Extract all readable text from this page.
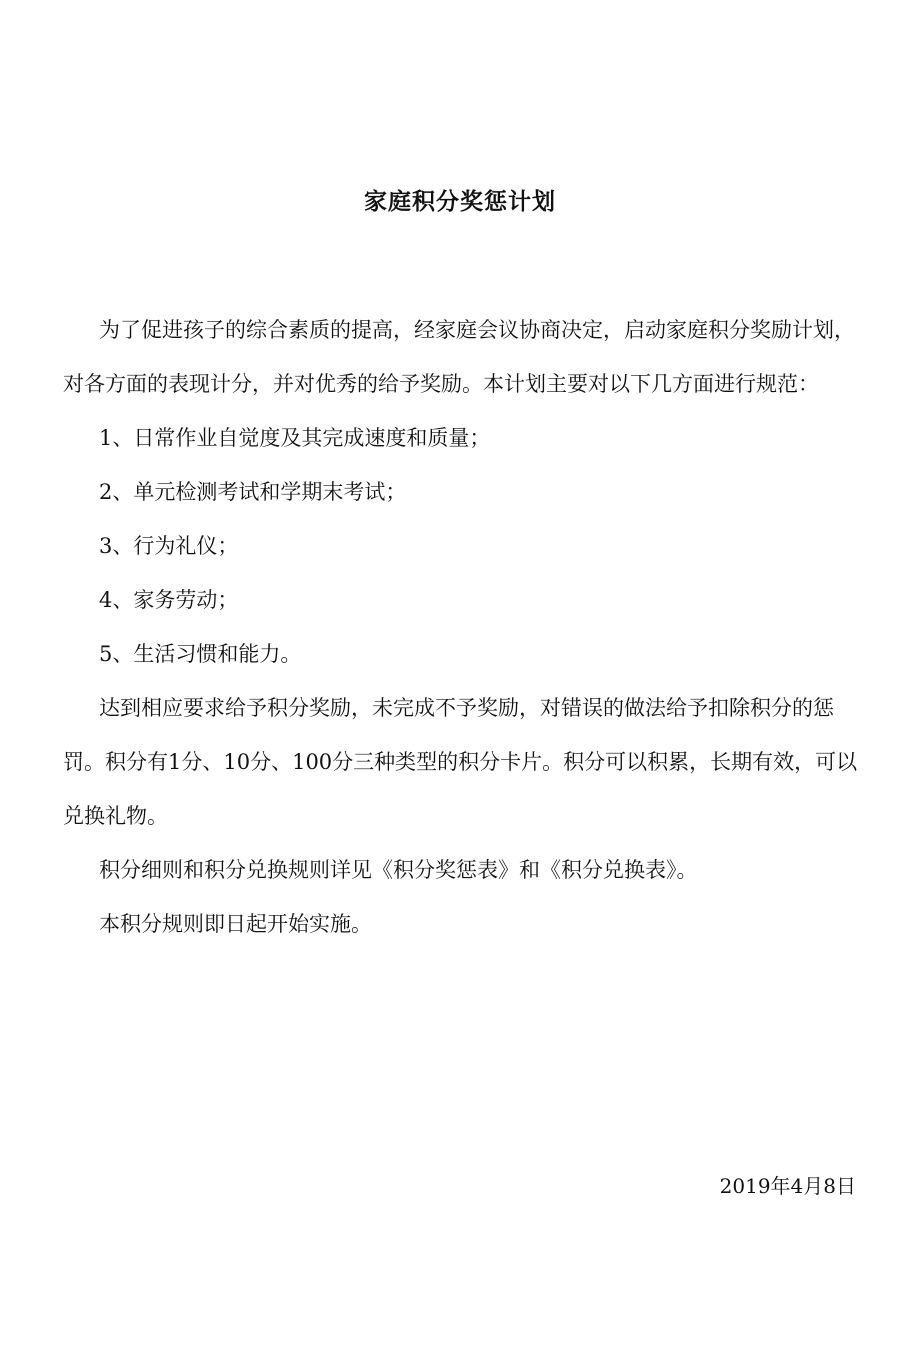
家庭积分奖惩计划

为了促进孩子的综合素质的提高，经家庭会议协商决定，启动家庭积分奖励计划，对各方面的表现计分，并对优秀的给予奖励。本计划主要对以下几方面进行规范：

1、日常作业自觉度及其完成速度和质量；

2、单元检测考试和学期末考试；

3、行为礼仪；

4、家务劳动；

5、生活习惯和能力。

达到相应要求给予积分奖励，未完成不予奖励，对错误的做法给予扣除积分的惩罚。积分有1分、10分、100分三种类型的积分卡片。积分可以积累，长期有效，可以兑换礼物。

积分细则和积分兑换规则详见《积分奖惩表》和《积分兑换表》。

本积分规则即日起开始实施。

2019年4月8日
